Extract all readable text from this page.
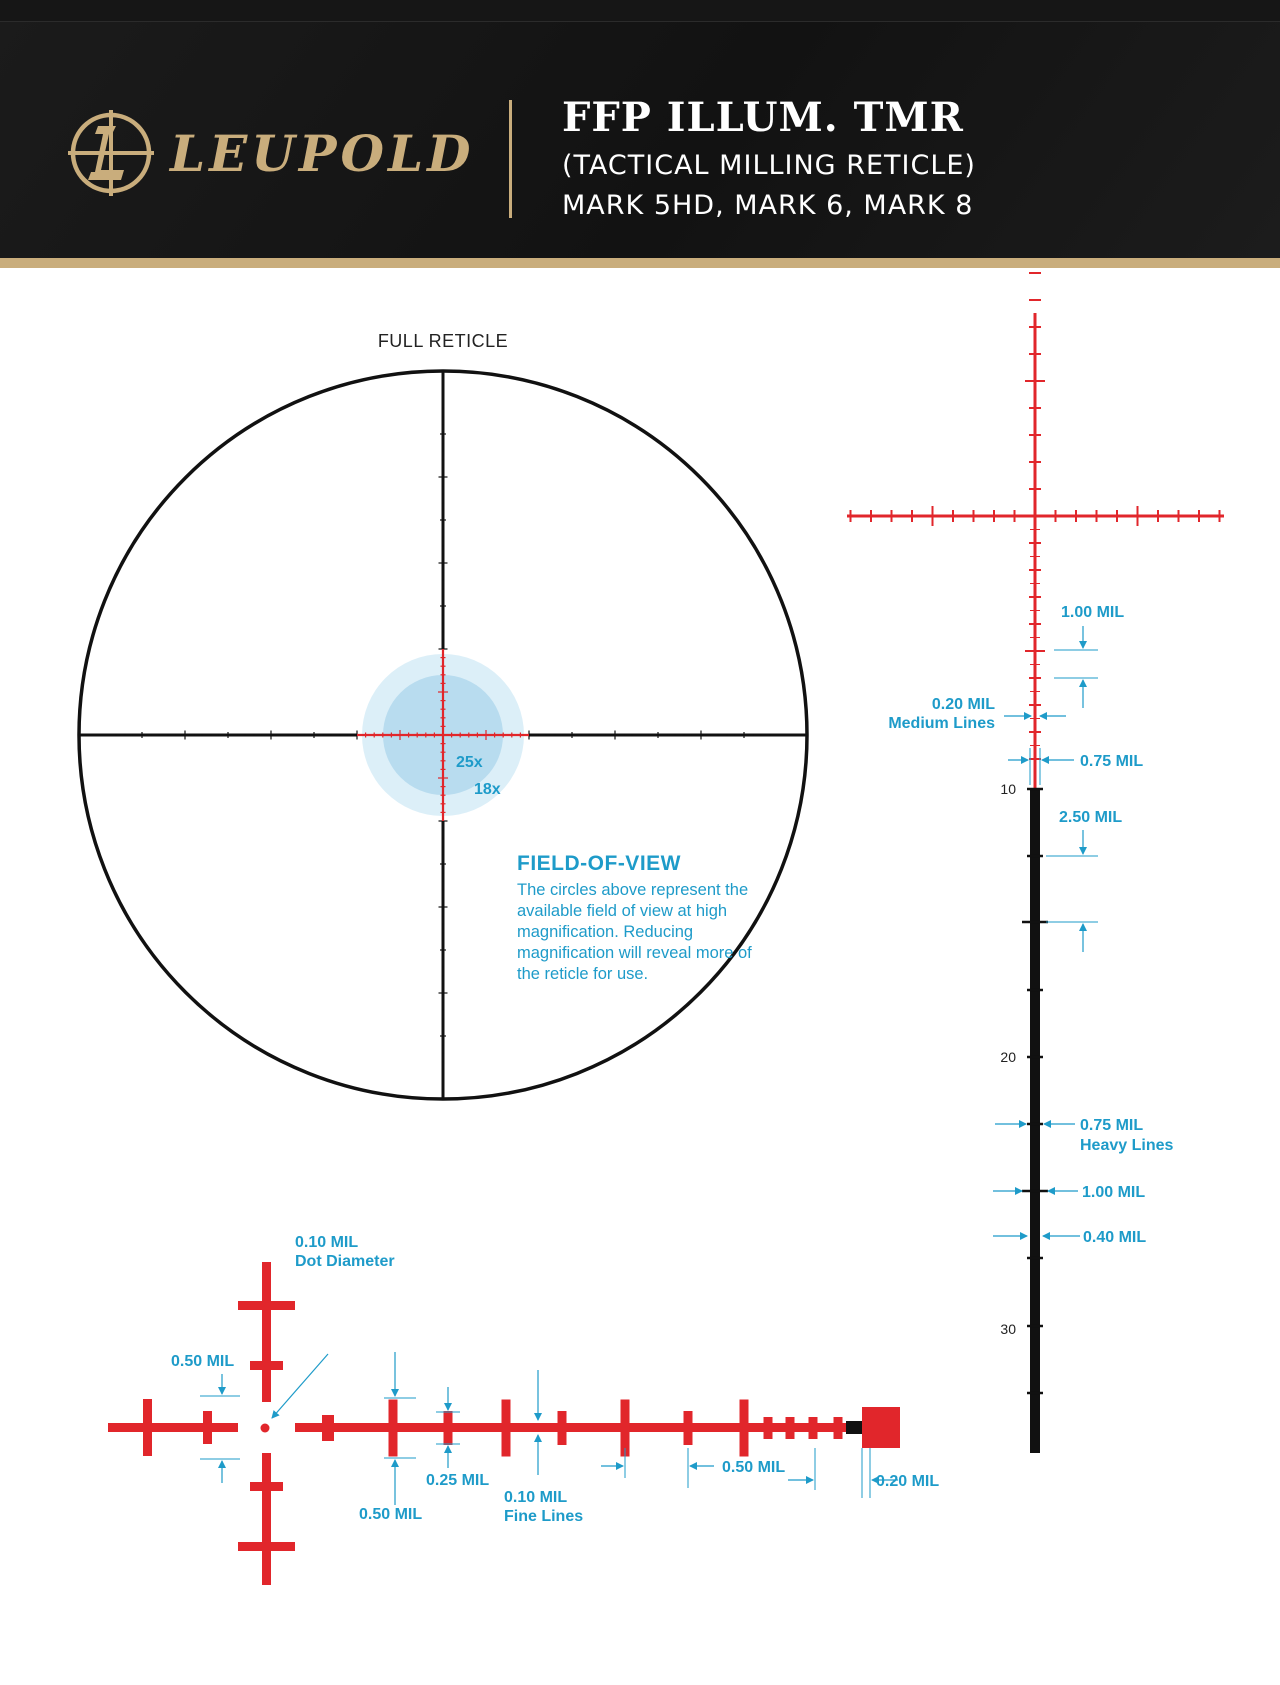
LEUPOLD
FFP ILLUM. TMR
(TACTICAL MILLING RETICLE)
MARK 5HD, MARK 6, MARK 8
FULL RETICLE
25x
18x	10
20
30
1.00 MIL
0.20 MIL
Medium Lines
0.75 MIL
2.50 MIL
0.75 MIL
Heavy Lines
1.00 MIL
0.40 MIL
0.10 MIL
Dot Diameter
0.50 MIL
0.50 MIL
0.25 MIL
0.10 MIL
Fine Lines
0.50 MIL
0.20 MIL
FIELD-OF-VIEW
The circles above represent the available field of view at high magnification. Reducing magnification will reveal more of the reticle for use.
